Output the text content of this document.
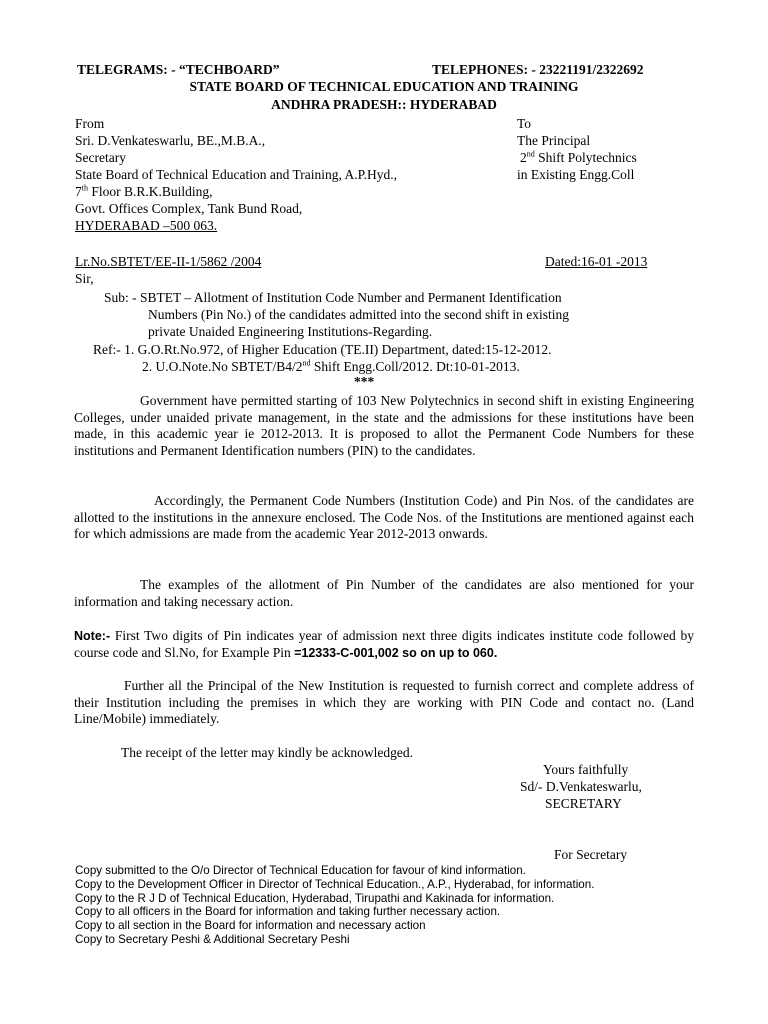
TELEGRAMS: - “TECHBOARD”	TELEPHONES: - 23221191/2322692
STATE BOARD OF TECHNICAL EDUCATION AND TRAINING
ANDHRA PRADESH:: HYDERABAD
From
Sri. D.Venkateswarlu, BE.,M.B.A.,
Secretary
State Board of Technical Education and Training, A.P.Hyd.,
7th Floor B.R.K.Building,
Govt. Offices Complex, Tank Bund Road,
HYDERABAD –500 063.
To
The Principal
2nd Shift Polytechnics
in Existing Engg.Coll
Lr.No.SBTET/EE-II-1/5862 /2004	Dated:16-01 -2013
Sir,
Sub: - SBTET – Allotment of Institution Code Number and Permanent Identification
Numbers (Pin No.) of the candidates admitted into the second shift in existing
private Unaided Engineering Institutions-Regarding.
Ref:- 1. G.O.Rt.No.972, of Higher Education (TE.II) Department, dated:15-12-2012.
2. U.O.Note.No SBTET/B4/2nd Shift Engg.Coll/2012. Dt:10-01-2013.
***
Government have permitted starting of 103 New Polytechnics in second shift in existing Engineering Colleges, under unaided private management, in the state and the admissions for these institutions have been made, in this academic year ie 2012-2013. It is proposed to allot the Permanent Code Numbers for these institutions and Permanent Identification numbers (PIN) to the candidates.
Accordingly, the Permanent Code Numbers (Institution Code) and Pin Nos. of the candidates are allotted to the institutions in the annexure enclosed. The Code Nos. of the Institutions are mentioned against each for which admissions are made from the academic Year 2012-2013 onwards.
The examples of the allotment of Pin Number of the candidates are also mentioned for your information and taking necessary action.
Note:- First Two digits of Pin indicates year of admission next three digits indicates institute code followed by course code and Sl.No, for Example Pin =12333-C-001,002 so on up to 060.
Further all the Principal of the New Institution is requested to furnish correct and complete address of their Institution including the premises in which they are working with PIN Code and contact no. (Land Line/Mobile) immediately.
The receipt of the letter may kindly be acknowledged.
Yours faithfully
Sd/- D.Venkateswarlu,
SECRETARY
For Secretary
Copy submitted to the O/o Director of Technical Education for favour of kind information.
Copy to the Development Officer in Director of Technical Education., A.P., Hyderabad, for information.
Copy to the R J D of Technical Education, Hyderabad, Tirupathi and Kakinada for information.
Copy to all officers in the Board for information and taking further necessary action.
Copy to all section in the Board for information and necessary action
Copy to Secretary Peshi & Additional Secretary Peshi
